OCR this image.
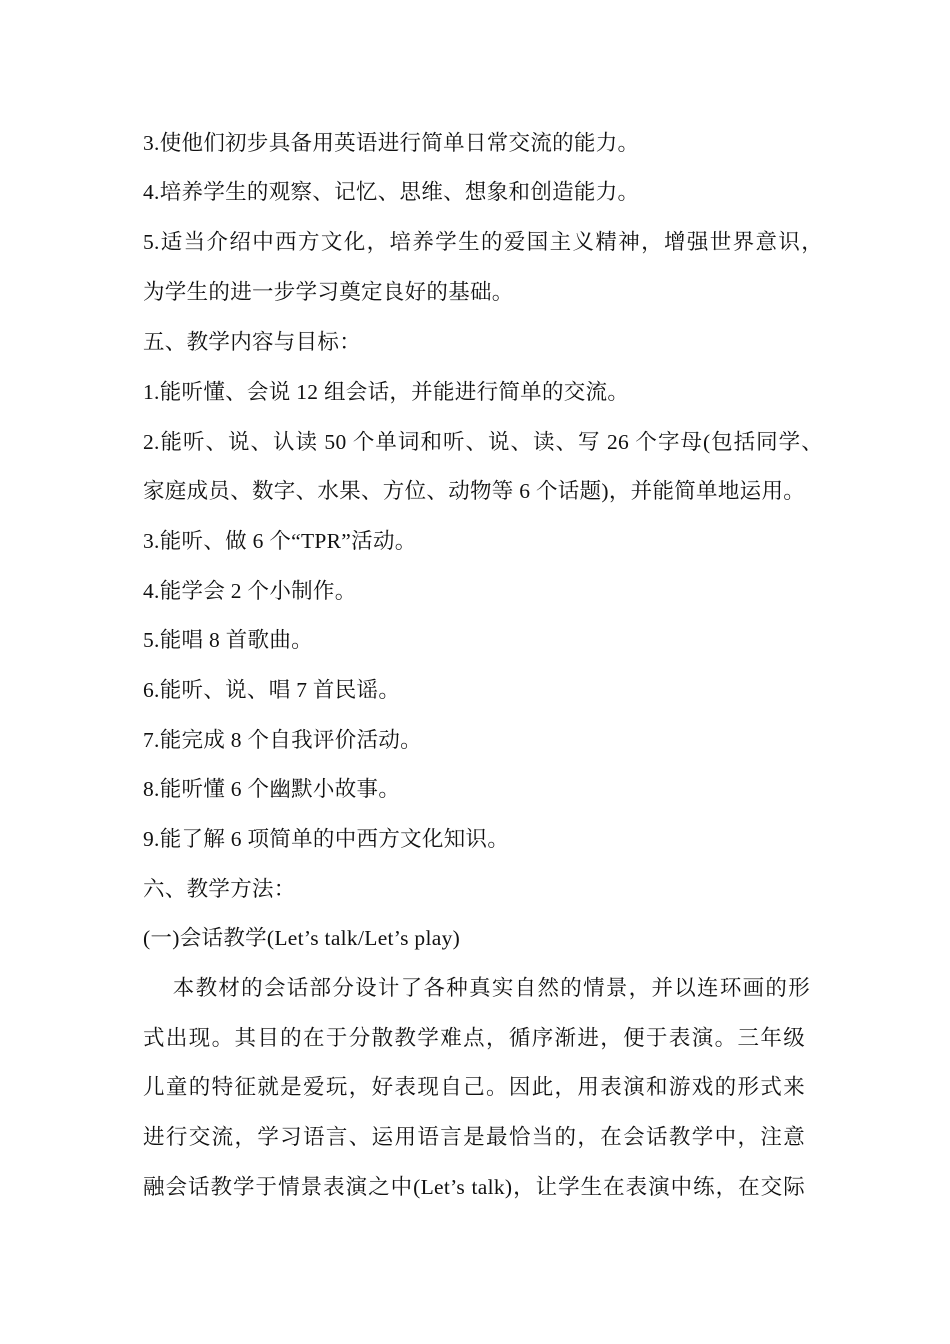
3.使他们初步具备用英语进行简单日常交流的能力。
4.培养学生的观察、记忆、思维、想象和创造能力。
5.适当介绍中西方文化，培养学生的爱国主义精神，增强世界意识，
为学生的进一步学习奠定良好的基础。
五、教学内容与目标：
1.能听懂、会说 12 组会话，并能进行简单的交流。
2.能听、说、认读 50 个单词和听、说、读、写 26 个字母(包括同学、
家庭成员、数字、水果、方位、动物等 6 个话题)，并能简单地运用。
3.能听、做 6 个“TPR”活动。
4.能学会 2 个小制作。
5.能唱 8 首歌曲。
6.能听、说、唱 7 首民谣。
7.能完成 8 个自我评价活动。
8.能听懂 6 个幽默小故事。
9.能了解 6 项简单的中西方文化知识。
六、教学方法：
(一)会话教学(Let’s talk/Let’s play)
　本教材的会话部分设计了各种真实自然的情景，并以连环画的形
式出现。其目的在于分散教学难点，循序渐进，便于表演。三年级
儿童的特征就是爱玩，好表现自己。因此，用表演和游戏的形式来
进行交流，学习语言、运用语言是最恰当的，在会话教学中，注意
融会话教学于情景表演之中(Let’s talk)，让学生在表演中练，在交际
